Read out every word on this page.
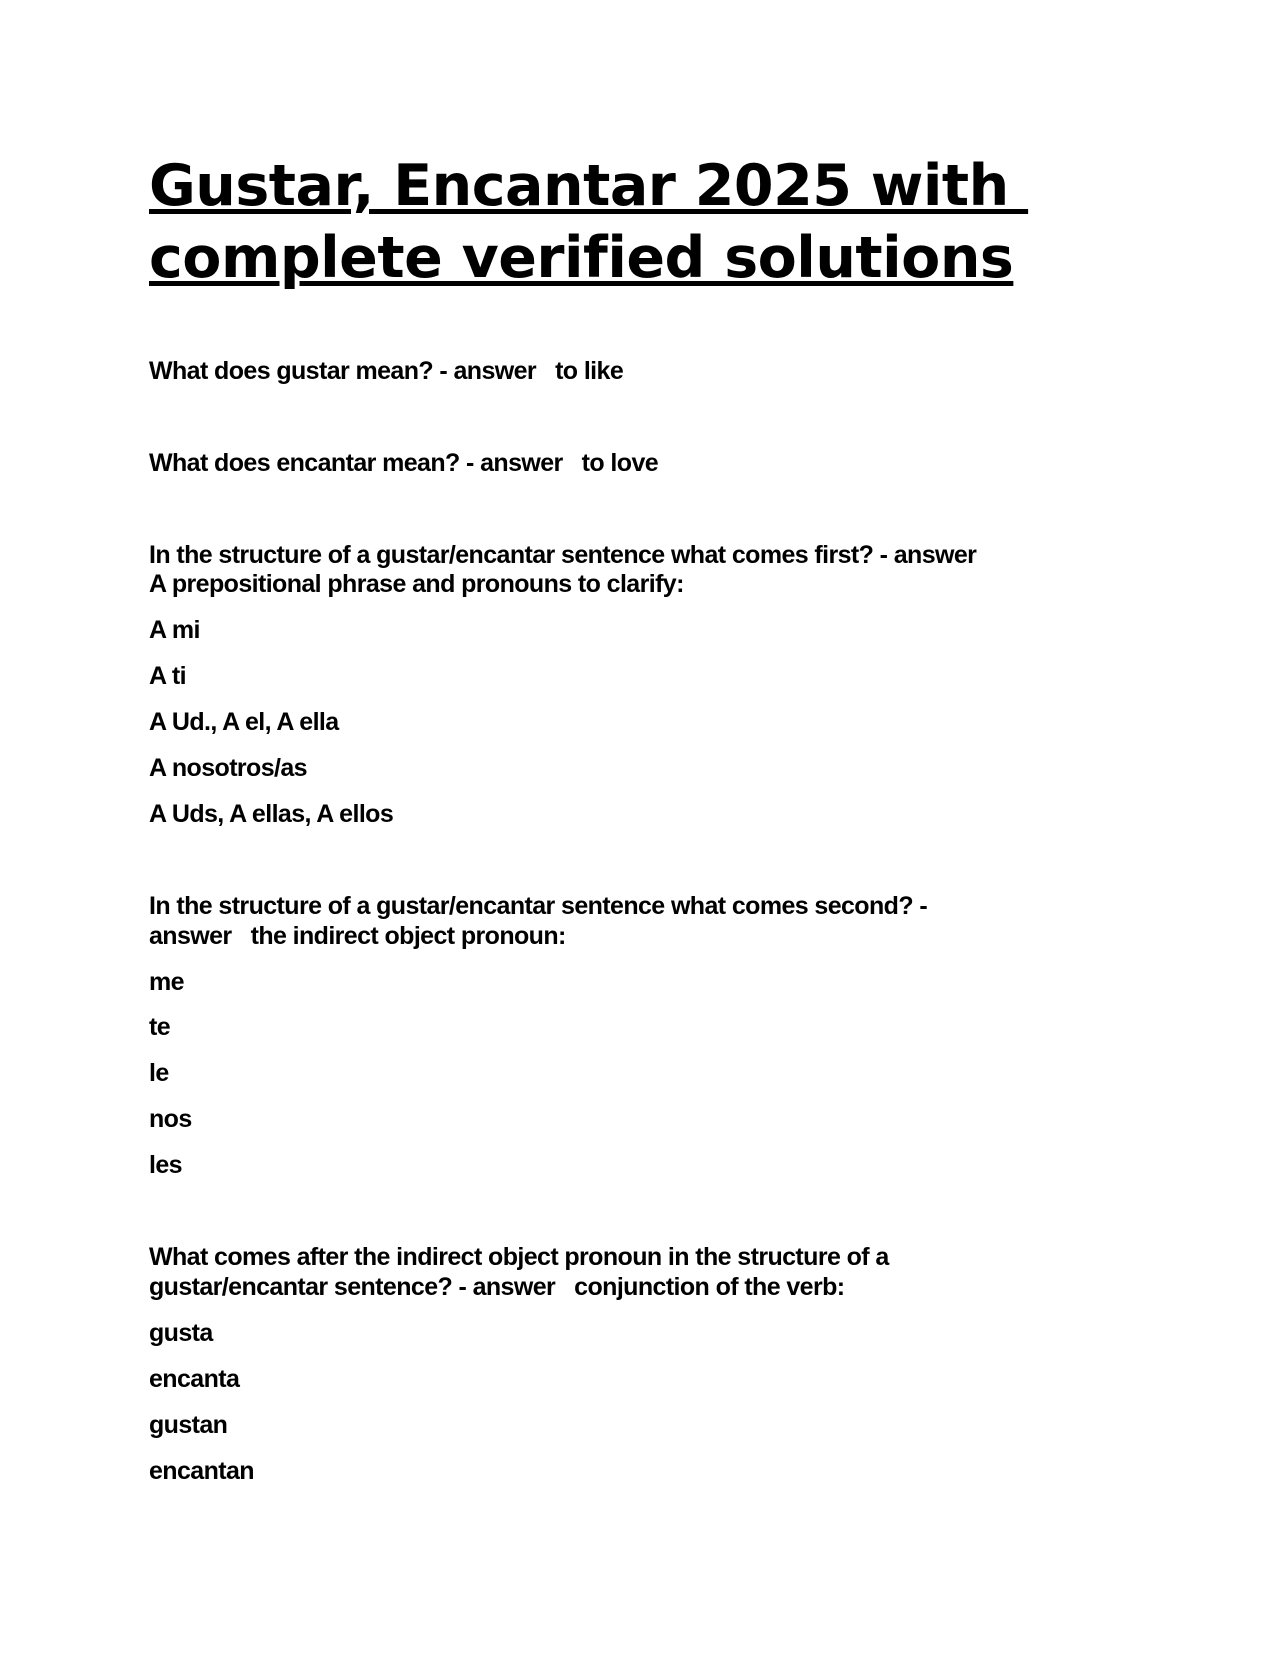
Gustar, Encantar 2025 with
complete verified solutions

What does gustar mean? - answer   to like

What does encantar mean? - answer   to love

In the structure of a gustar/encantar sentence what comes first? - answer
A prepositional phrase and pronouns to clarify:

A mi

A ti

A Ud., A el, A ella

A nosotros/as

A Uds, A ellas, A ellos

In the structure of a gustar/encantar sentence what comes second? -
answer   the indirect object pronoun:

me

te

le

nos

les

What comes after the indirect object pronoun in the structure of a
gustar/encantar sentence? - answer   conjunction of the verb:

gusta

encanta

gustan

encantan
